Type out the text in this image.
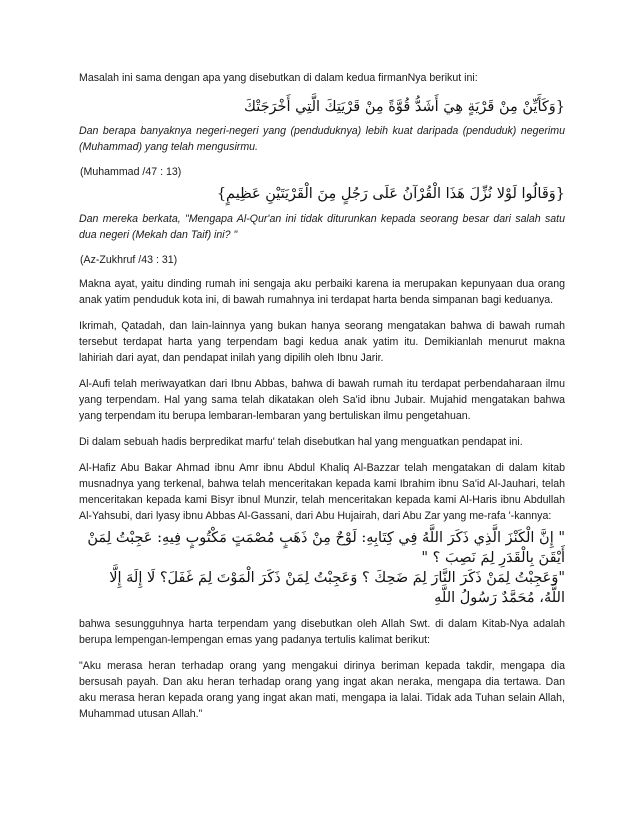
Masalah ini sama dengan apa yang disebutkan di dalam kedua firmanNya berikut ini:

{وَكَأَيِّنْ مِنْ قَرْيَةٍ هِيَ أَشَدُّ قُوَّةً مِنْ قَرْيَتِكَ الَّتِي أَخْرَجَتْكَ

Dan berapa banyaknya negeri-negeri yang (penduduknya) lebih kuat daripada (penduduk) negerimu (Muhammad) yang telah mengusirmu.

(Muhammad /47 : 13)

{وَقَالُوا لَوْلا نُزِّلَ هَذَا الْقُرْآنُ عَلَى رَجُلٍ مِنَ الْقَرْيَتَيْنِ عَظِيمٍ}

Dan mereka berkata, "Mengapa Al-Qur'an ini tidak diturunkan kepada seorang besar dari salah satu dua negeri (Mekah dan Taif) ini? "

(Az-Zukhruf /43 : 31)

Makna ayat, yaitu dinding rumah ini sengaja aku perbaiki karena ia merupakan kepunyaan dua orang anak yatim penduduk kota ini, di bawah rumahnya ini terdapat harta benda simpanan bagi keduanya.

Ikrimah, Qatadah, dan lain-lainnya yang bukan hanya seorang mengatakan bahwa di bawah rumah tersebut terdapat harta yang terpendam bagi kedua anak yatim itu. Demikianlah menurut makna lahiriah dari ayat, dan pendapat inilah yang dipilih oleh Ibnu Jarir.

Al-Aufi telah meriwayatkan dari Ibnu Abbas, bahwa di bawah rumah itu terdapat perbendaharaan ilmu yang terpendam. Hal yang sama telah dikatakan oleh Sa'id ibnu Jubair. Mujahid mengatakan bahwa yang terpendam itu berupa lembaran-lembaran yang bertuliskan ilmu pengetahuan.

Di dalam sebuah hadis berpredikat marfu' telah disebutkan hal yang menguatkan pendapat ini.

Al-Hafiz Abu Bakar Ahmad ibnu Amr ibnu Abdul Khaliq Al-Bazzar telah mengatakan di dalam kitab musnadnya yang terkenal, bahwa telah menceritakan kepada kami Ibrahim ibnu Sa'id Al-Jauhari, telah menceritakan kepada kami Bisyr ibnul Munzir, telah menceritakan kepada kami Al-Haris ibnu Abdullah Al-Yahsubi, dari lyasy ibnu Abbas Al-Gassani, dari Abu Hujairah, dari Abu Zar yang me-rafa '-kannya:

" إِنَّ الْكَنْزَ الَّذِي ذَكَرَ اللَّهُ فِي كِتَابِهِ: لَوْحٌ مِنْ ذَهَبٍ مُصْمَتٍ مَكْتُوبٍ فِيهِ: عَجِبْتُ لِمَنْ أَيْقَنَ بِالْقَدَرِ لِمَ نَصِبَ ؟ "

"وَعَجِبْتُ لِمَنْ ذَكَرَ النَّارَ لِمَ ضَحِكَ ؟ وَعَجِبْتُ لِمَنْ ذَكَرَ الْمَوْتَ لِمَ غَفَلَ؟ لَا إِلَهَ إِلَّا اللَّهُ، مُحَمَّدٌ رَسُولُ اللَّهِ

bahwa sesungguhnya harta terpendam yang disebutkan oleh Allah Swt. di dalam Kitab-Nya adalah berupa lempengan-lempengan emas yang padanya tertulis kalimat berikut:

"Aku merasa heran terhadap orang yang mengakui dirinya beriman kepada takdir, mengapa dia bersusah payah. Dan aku heran terhadap orang yang ingat akan neraka, mengapa dia tertawa. Dan aku merasa heran kepada orang yang ingat akan mati, mengapa ia lalai. Tidak ada Tuhan selain Allah, Muhammad utusan Allah."
